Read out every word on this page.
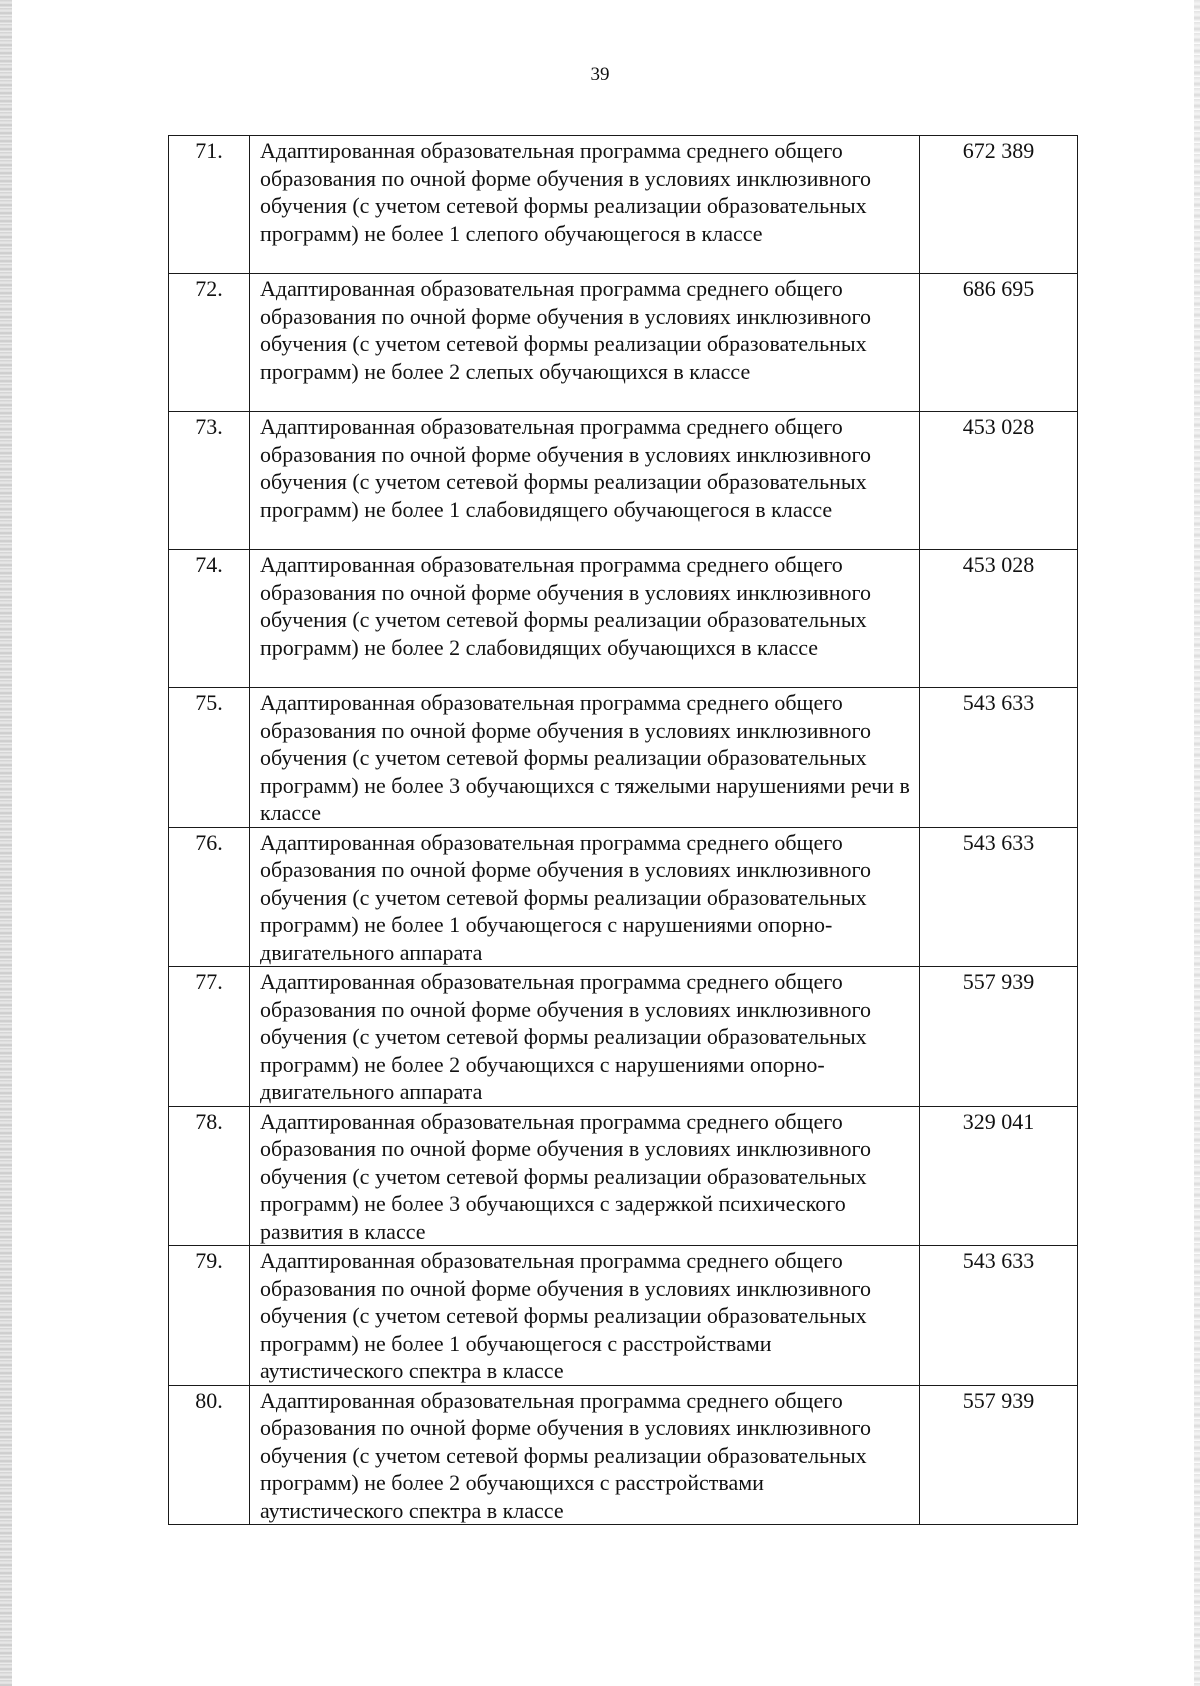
39
71.	Адаптированная образовательная программа среднего общего образования по очной форме обучения в условиях инклюзивного обучения (с учетом сетевой формы реализации образовательных программ) не более 1 слепого обучающегося в классе	672 389
72.	Адаптированная образовательная программа среднего общего образования по очной форме обучения в условиях инклюзивного обучения (с учетом сетевой формы реализации образовательных программ) не более 2 слепых обучающихся в классе	686 695
73.	Адаптированная образовательная программа среднего общего образования по очной форме обучения в условиях инклюзивного обучения (с учетом сетевой формы реализации образовательных программ) не более 1 слабовидящего обучающегося в классе	453 028
74.	Адаптированная образовательная программа среднего общего образования по очной форме обучения в условиях инклюзивного обучения (с учетом сетевой формы реализации образовательных программ) не более 2 слабовидящих обучающихся в классе	453 028
75.	Адаптированная образовательная программа среднего общего образования по очной форме обучения в условиях инклюзивного обучения (с учетом сетевой формы реализации образовательных программ) не более 3 обучающихся с тяжелыми нарушениями речи в классе	543 633
76.	Адаптированная образовательная программа среднего общего образования по очной форме обучения в условиях инклюзивного обучения (с учетом сетевой формы реализации образовательных программ) не более 1 обучающегося с нарушениями опорно-двигательного аппарата	543 633
77.	Адаптированная образовательная программа среднего общего образования по очной форме обучения в условиях инклюзивного обучения (с учетом сетевой формы реализации образовательных программ) не более 2 обучающихся с нарушениями опорно-двигательного аппарата	557 939
78.	Адаптированная образовательная программа среднего общего образования по очной форме обучения в условиях инклюзивного обучения (с учетом сетевой формы реализации образовательных программ) не более 3 обучающихся с задержкой психического развития в классе	329 041
79.	Адаптированная образовательная программа среднего общего образования по очной форме обучения в условиях инклюзивного обучения (с учетом сетевой формы реализации образовательных программ) не более 1 обучающегося с расстройствами аутистического спектра в классе	543 633
80.	Адаптированная образовательная программа среднего общего образования по очной форме обучения в условиях инклюзивного обучения (с учетом сетевой формы реализации образовательных программ) не более 2 обучающихся с расстройствами аутистического спектра в классе	557 939
